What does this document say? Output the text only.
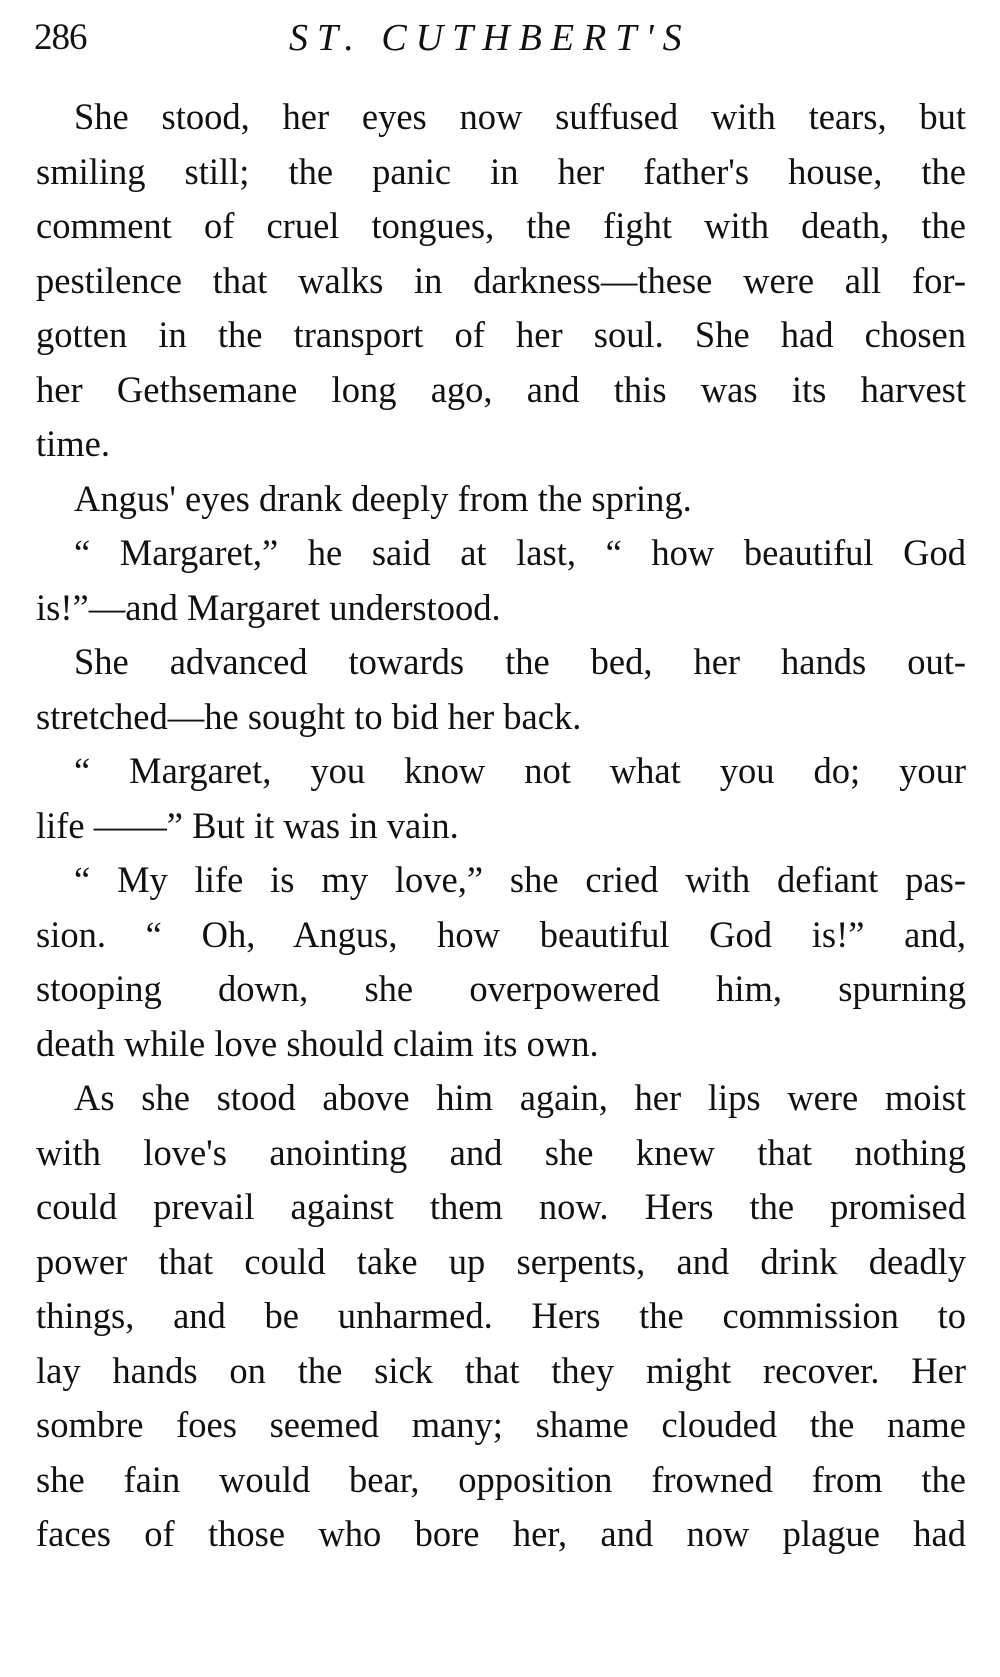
286	ST. CUTHBERT'S
She stood, her eyes now suffused with tears, but
smiling still; the panic in her father's house, the
comment of cruel tongues, the fight with death, the
pestilence that walks in darkness—these were all for-
gotten in the transport of her soul. She had chosen
her Gethsemane long ago, and this was its harvest
time.
Angus' eyes drank deeply from the spring.
“ Margaret,” he said at last, “ how beautiful God
is!”—and Margaret understood.
She advanced towards the bed, her hands out-
stretched—he sought to bid her back.
“ Margaret, you know not what you do; your
life ——” But it was in vain.
“ My life is my love,” she cried with defiant pas-
sion. “ Oh, Angus, how beautiful God is!” and,
stooping down, she overpowered him, spurning
death while love should claim its own.
As she stood above him again, her lips were moist
with love's anointing and she knew that nothing
could prevail against them now. Hers the promised
power that could take up serpents, and drink deadly
things, and be unharmed. Hers the commission to
lay hands on the sick that they might recover. Her
sombre foes seemed many; shame clouded the name
she fain would bear, opposition frowned from the
faces of those who bore her, and now plague had
